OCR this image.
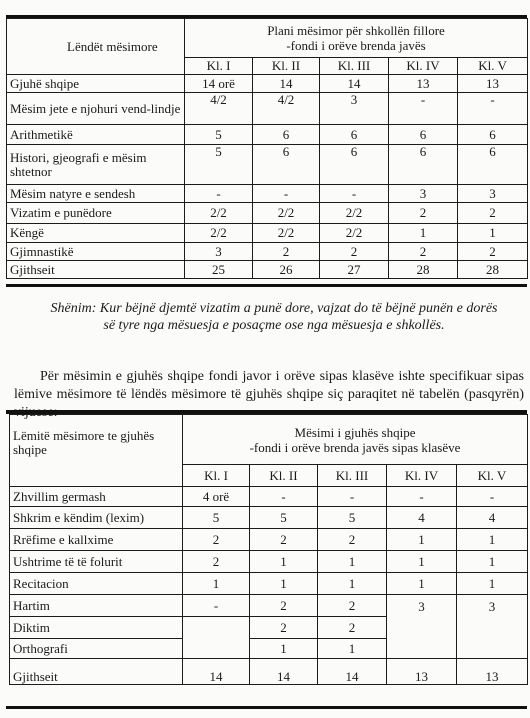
Lëndët mësimore	Plani mësimor për shkollën fillore
-fondi i orëve brenda javës				

	Kl. I	Kl. II	Kl. III	Kl. IV	Kl. V
Gjuhë shqipe	14 orë	14	14	13	13
Mësim jete e njohuri vend-lindje	4/2	4/2	3	-	-
Arithmetikë	5	6	6	6	6
Histori, gjeografi e mësim shtetnor	5	6	6	6	6
Mësim natyre e sendesh	-	-	-	3	3
Vizatim e punëdore	2/2	2/2	2/2	2	2
Këngë	2/2	2/2	2/2	1	1
Gjimnastikë	3	2	2	2	2
Gjithseit	25	26	27	28	28
Shënim: Kur bëjnë djemtë vizatim a punë dore, vajzat do të bëjnë punën e dorës së tyre nga mësuesja e posaçme ose nga mësuesja e shkollës.
Për mësimin e gjuhës shqipe fondi javor i orëve sipas klasëve ishte specifikuar sipas lëmive mësimore të lëndës mësimore të gjuhës shqipe siç paraqitet në tabelën (pasqyrën)
Lëmitë mësimore te gjuhës shqipe	Mësimi i gjuhës shqipe
-fondi i orëve brenda javës sipas klasëve				

	Kl. I	Kl. II	Kl. III	Kl. IV	Kl. V
Zhvillim germash	4 orë	-	-	-	-
Shkrim e këndim (lexim)	5	5	5	4	4
Rrëfime e kallxime	2	2	2	1	1
Ushtrime të të folurit	2	1	1	1	1
Recitacion	1	1	1	1	1
Hartim	-	2	2	3	3
Diktim		2	2		
Orthografi		1	1		
Gjithseit	14	14	14	13	13
